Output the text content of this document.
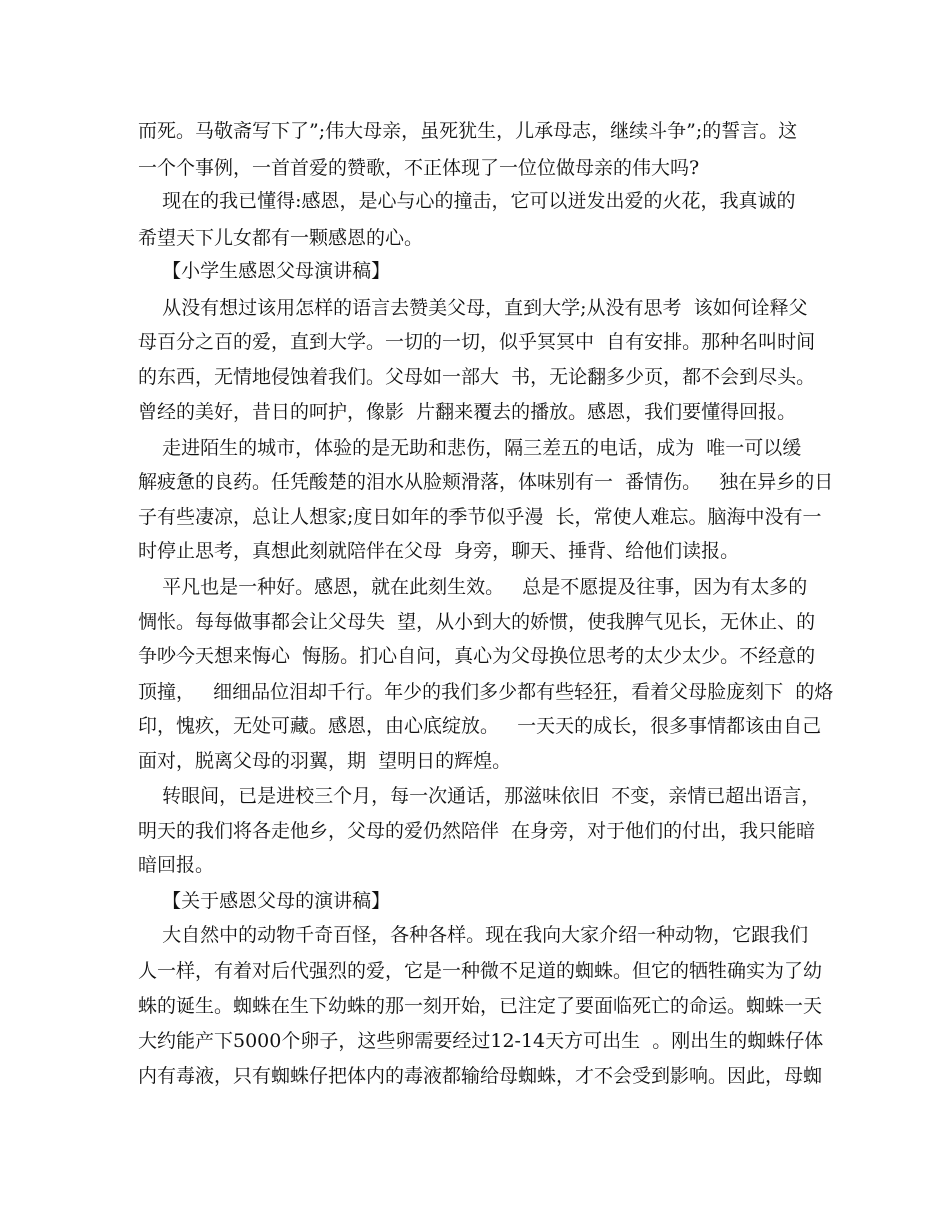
而死。马敬斋写下了”;伟大母亲，虽死犹生，儿承母志，继续斗争”;的誓言。这

一个个事例，一首首爱的赞歌，不正体现了一位位做母亲的伟大吗?

现在的我已懂得:感恩，是心与心的撞击，它可以迸发出爱的火花，我真诚的

希望天下儿女都有一颗感恩的心。

【小学生感恩父母演讲稿】

从没有想过该用怎样的语言去赞美父母，直到大学;从没有思考  该如何诠释父

母百分之百的爱，直到大学。一切的一切，似乎冥冥中  自有安排。那种名叫时间

的东西，无情地侵蚀着我们。父母如一部大  书，无论翻多少页，都不会到尽头。

曾经的美好，昔日的呵护，像影  片翻来覆去的播放。感恩，我们要懂得回报。

走进陌生的城市，体验的是无助和悲伤，隔三差五的电话，成为  唯一可以缓

解疲惫的良药。任凭酸楚的泪水从脸颊滑落，体味别有一  番情伤。   独在异乡的日

子有些凄凉，总让人想家;度日如年的季节似乎漫  长，常使人难忘。脑海中没有一

时停止思考，真想此刻就陪伴在父母  身旁，聊天、捶背、给他们读报。

平凡也是一种好。感恩，就在此刻生效。   总是不愿提及往事，因为有太多的

惆怅。每每做事都会让父母失  望，从小到大的娇惯，使我脾气见长，无休止、的

争吵今天想来悔心  悔肠。扪心自问，真心为父母换位思考的太少太少。不经意的

顶撞，   细细品位泪却千行。年少的我们多少都有些轻狂，看着父母脸庞刻下  的烙

印，愧疚，无处可藏。感恩，由心底绽放。   一天天的成长，很多事情都该由自己

面对，脱离父母的羽翼，期  望明日的辉煌。

转眼间，已是进校三个月，每一次通话，那滋味依旧  不变，亲情已超出语言，

明天的我们将各走他乡，父母的爱仍然陪伴  在身旁，对于他们的付出，我只能暗

暗回报。

【关于感恩父母的演讲稿】

大自然中的动物千奇百怪，各种各样。现在我向大家介绍一种动物，它跟我们

人一样，有着对后代强烈的爱，它是一种微不足道的蜘蛛。但它的牺牲确实为了幼

蛛的诞生。蜘蛛在生下幼蛛的那一刻开始，已注定了要面临死亡的命运。蜘蛛一天

大约能产下5000个卵子，这些卵需要经过12-14天方可出生  。刚出生的蜘蛛仔体

内有毒液，只有蜘蛛仔把体内的毒液都输给母蜘蛛，才不会受到影响。因此，母蜘
